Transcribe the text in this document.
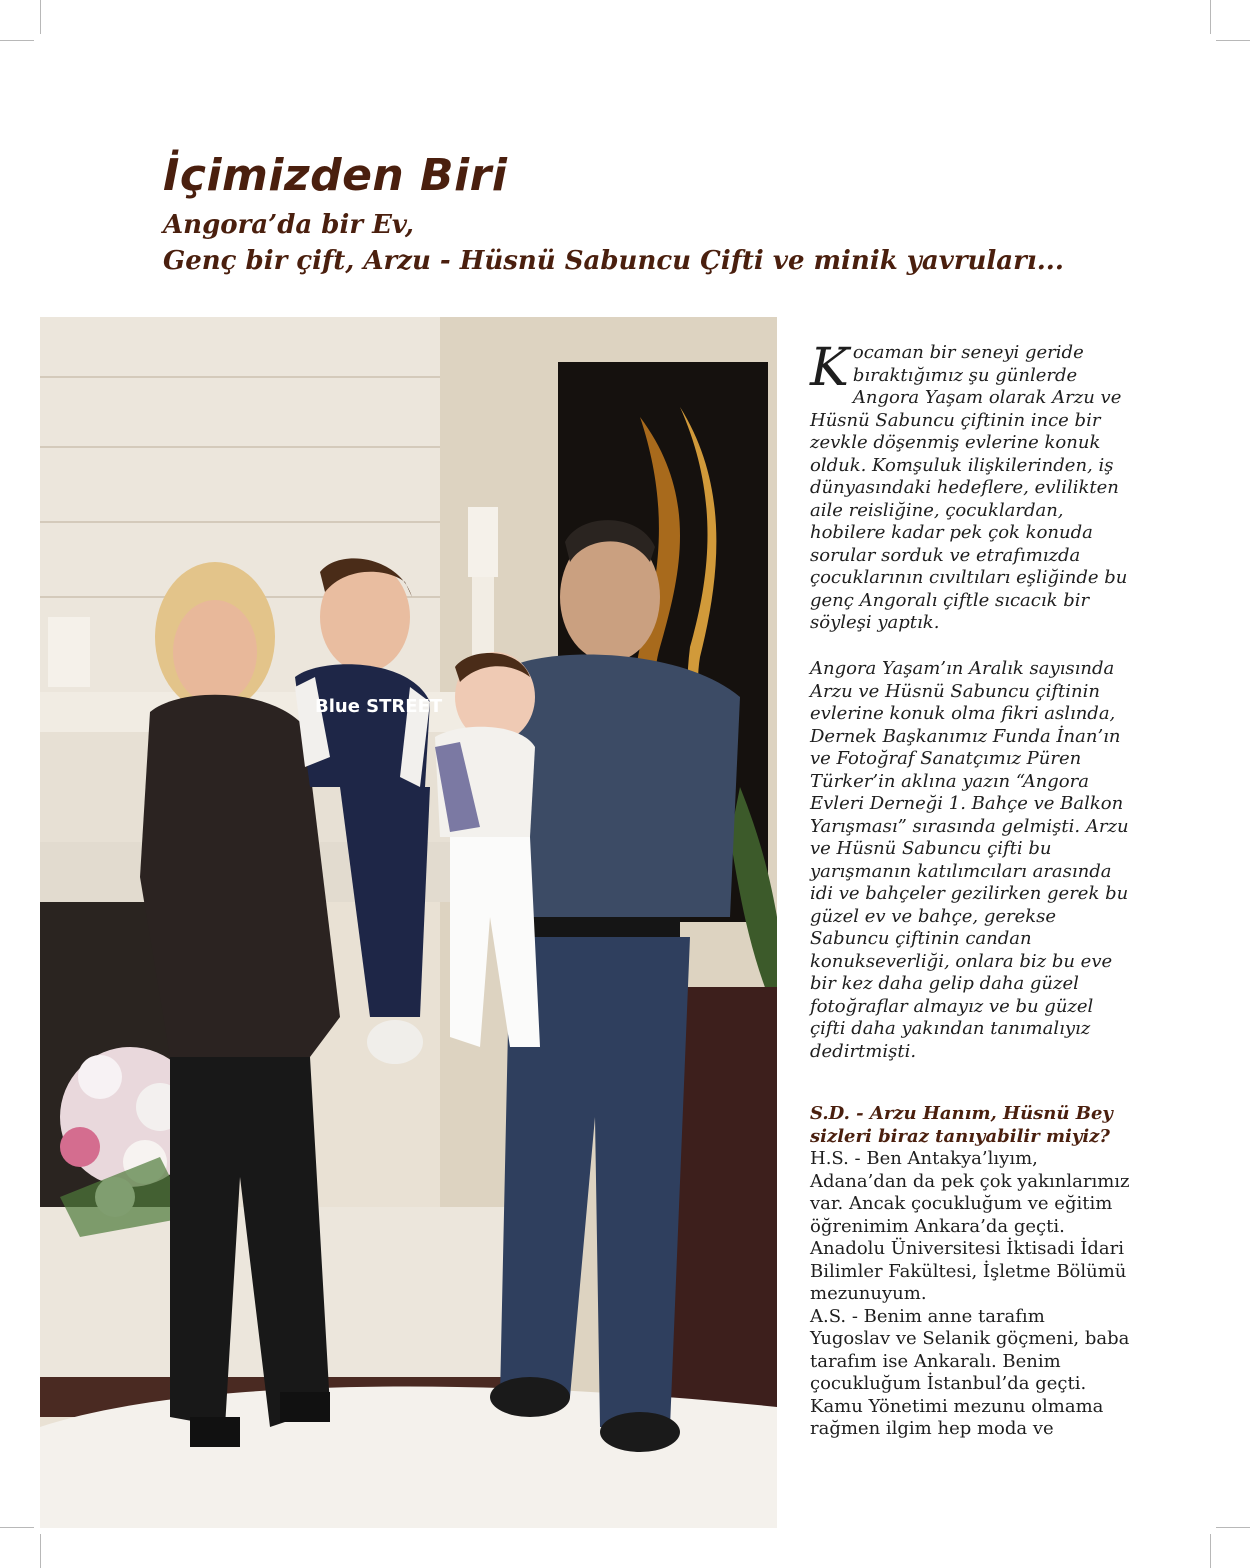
İçimizden Biri
Angora’da bir Ev,
Genç bir çift, Arzu - Hüsnü Sabuncu Çifti ve minik yavruları...
Blue STREET
Kocaman bir seneyi geride bıraktığımız şu günlerde Angora Yaşam olarak Arzu ve Hüsnü Sabuncu çiftinin ince bir zevkle döşenmiş evlerine konuk olduk. Komşuluk ilişkilerinden, iş dünyasındaki hedeflere, evlilikten aile reisliğine, çocuklardan, hobilere kadar pek çok konuda sorular sorduk ve etrafımızda çocuklarının cıvıltıları eşliğinde bu genç Angoralı çiftle sıcacık bir söyleşi yaptık.
Angora Yaşam’ın Aralık sayısında Arzu ve Hüsnü Sabuncu çiftinin evlerine konuk olma fikri aslında, Dernek Başkanımız Funda İnan’ın ve Fotoğraf Sanatçımız Püren Türker’in aklına yazın “Angora Evleri Derneği 1. Bahçe ve Balkon Yarışması” sırasında gelmişti. Arzu ve Hüsnü Sabuncu çifti bu yarışmanın katılımcıları arasında idi ve bahçeler gezilirken gerek bu güzel ev ve bahçe, gerekse Sabuncu çiftinin candan konukseverliği, onlara biz bu eve bir kez daha gelip daha güzel fotoğraflar almayız ve bu güzel çifti daha yakından tanımalıyız dedirtmişti.

S.D. - Arzu Hanım, Hüsnü Bey sizleri biraz tanıyabilir miyiz?

H.S. - Ben Antakya’lıyım, Adana’dan da pek çok yakınlarımız var. Ancak çocukluğum ve eğitim öğrenimim Ankara’da geçti. Anadolu Üniversitesi İktisadi İdari Bilimler Fakültesi, İşletme Bölümü mezunuyum.

A.S. - Benim anne tarafım Yugoslav ve Selanik göçmeni, baba tarafım ise Ankaralı. Benim çocukluğum İstanbul’da geçti. Kamu Yönetimi mezunu olmama rağmen ilgim hep moda ve
